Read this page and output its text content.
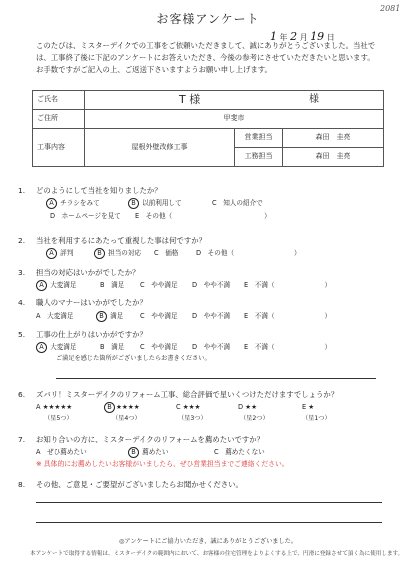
2081
お客様アンケート
1 年 2 月 19 日
このたびは、ミスターデイクでの工事をご依頼いただきまして、誠にありがとうございました。当社では、工事終了後に下記のアンケートにお答えいただき、今後の参考にさせていただきたいと思います。お手数ですがご記入の上、ご返送下さいますようお願い申し上げます。
ご氏名	T 様 様		

ご住所	甲斐市		
工事内容	屋根外壁改修工事	営業担当	森田　圭亮
		工務担当	森田　圭亮
1. どのようにして当社を知りましたか？
A チラシをみて	B 以前利用して	C　知人の紹介で
D　ホームページを見て E　その他（	）
2. 当社を利用するにあたって重視した事は何ですか？
A 評判	B 担当の対応 C　価格	D　その他（	）
3. 担当の対応はいかがでしたか？
A 大変満足	B　満足 C　やや満足 D　やや不満 E　不満（	）
4. 職人のマナーはいかがでしたか？
A　大変満足	B 満足	C　やや満足 D　やや不満 E　不満（	）
5. 工事の仕上がりはいかがですか？
A 大変満足	B　満足 C　やや満足 D　やや不満 E　不満（	）
ご満足を感じた箇所がございましたらお書きください。
6. ズバリ！ミスターデイクのリフォーム工事、総合評価で星いくつけただけますでしょうか？
A ★★★★★	B ★★★★	C ★★★	D ★★	E ★
（星5つ）	（星4つ）	（星3つ）	（星2つ）	（星1つ）
7. お知り合いの方に、ミスターデイクのリフォームを薦めたいですか？
A　ぜひ薦めたい	B 薦めたい	C　薦めたくない
※ 具体的にお薦めしたいお客様がいましたら、ぜひ営業担当までご連絡ください。
8. その他、ご意見・ご要望がございましたらお聞かせください。
◎アンケートにご協力いただき、誠にありがとうございました。
本アンケートで取得する情報は、ミスターデイクの範囲内において、お客様の住宅管理をよりよくする上で、円滑に登録させて頂く為に使用します。
